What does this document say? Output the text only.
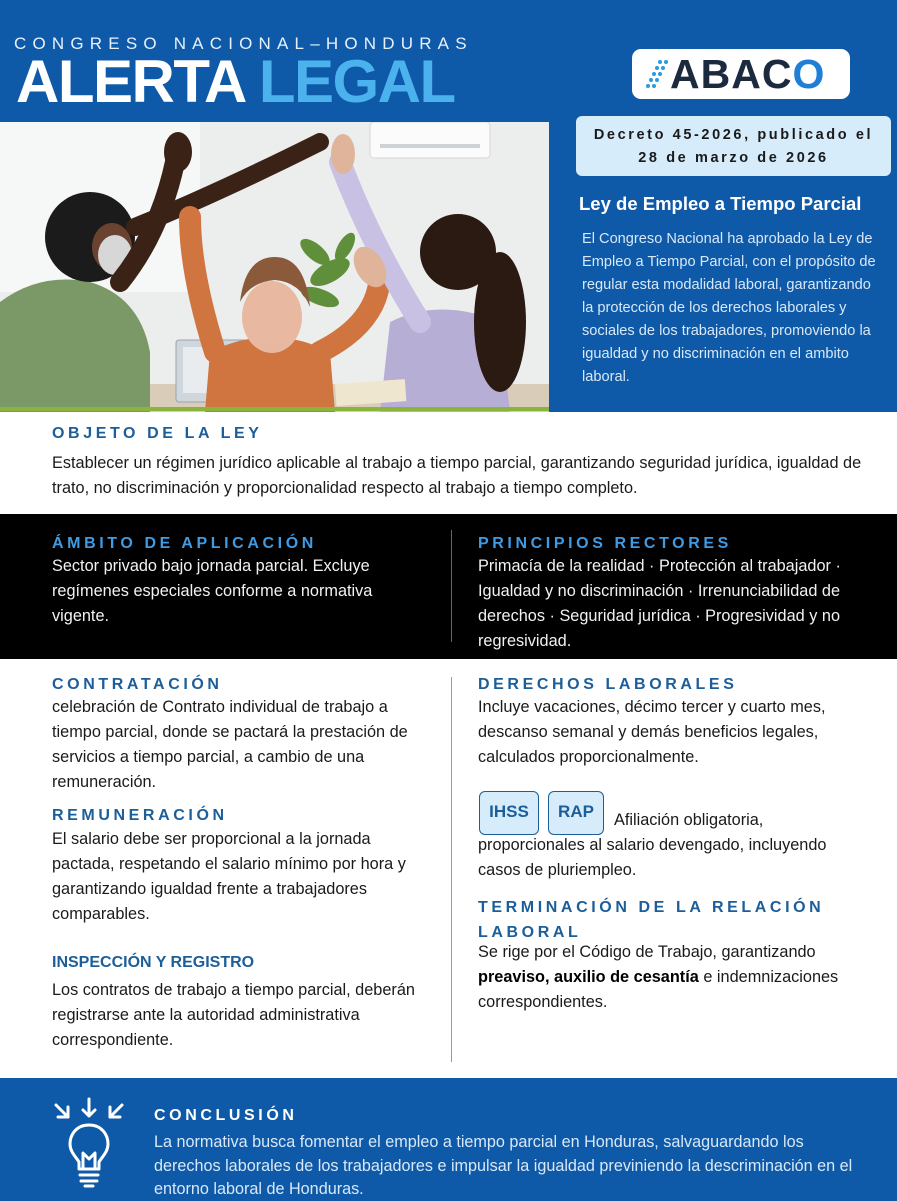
CONGRESO NACIONAL–HONDURAS
ALERTA LEGAL	ABACO
Decreto 45-2026, publicado el
28 de marzo de 2026
Ley de Empleo a Tiempo Parcial
El Congreso Nacional ha aprobado la Ley de Empleo a Tiempo Parcial, con el propósito de regular esta modalidad laboral, garantizando la protección de los derechos laborales y sociales de los trabajadores, promoviendo la igualdad y no discriminación en el ambito laboral.
OBJETO DE LA LEY
Establecer un régimen jurídico aplicable al trabajo a tiempo parcial, garantizando seguridad jurídica, igualdad de trato, no discriminación y proporcionalidad respecto al trabajo a tiempo completo.
ÁMBITO DE APLICACIÓN
Sector privado bajo jornada parcial. Excluye regímenes especiales conforme a normativa vigente.
PRINCIPIOS RECTORES
Primacía de la realidad · Protección al trabajador · Igualdad y no discriminación · Irrenunciabilidad de derechos · Seguridad jurídica · Progresividad y no regresividad.
CONTRATACIÓN
celebración de Contrato individual de trabajo a tiempo parcial, donde se pactará la prestación de servicios a tiempo parcial, a cambio de una remuneración.
REMUNERACIÓN
El salario debe ser proporcional a la jornada pactada, respetando el salario mínimo por hora y garantizando igualdad frente a trabajadores comparables.
INSPECCIÓN Y REGISTRO
Los contratos de trabajo a tiempo parcial, deberán registrarse ante la autoridad administrativa correspondiente.
DERECHOS LABORALES
Incluye vacaciones, décimo tercer y cuarto mes, descanso semanal y demás beneficios legales, calculados proporcionalmente.
IHSS	RAP	Afiliación obligatoria,
proporcionales al salario devengado, incluyendo casos de pluriempleo.
TERMINACIÓN DE LA RELACIÓN LABORAL
Se rige por el Código de Trabajo, garantizando preaviso, auxilio de cesantía e indemnizaciones correspondientes.
CONCLUSIÓN
La normativa busca fomentar el empleo a tiempo parcial en Honduras, salvaguardando los derechos laborales de los trabajadores e impulsar la igualdad previniendo la descriminación en el entorno laboral de Honduras.
